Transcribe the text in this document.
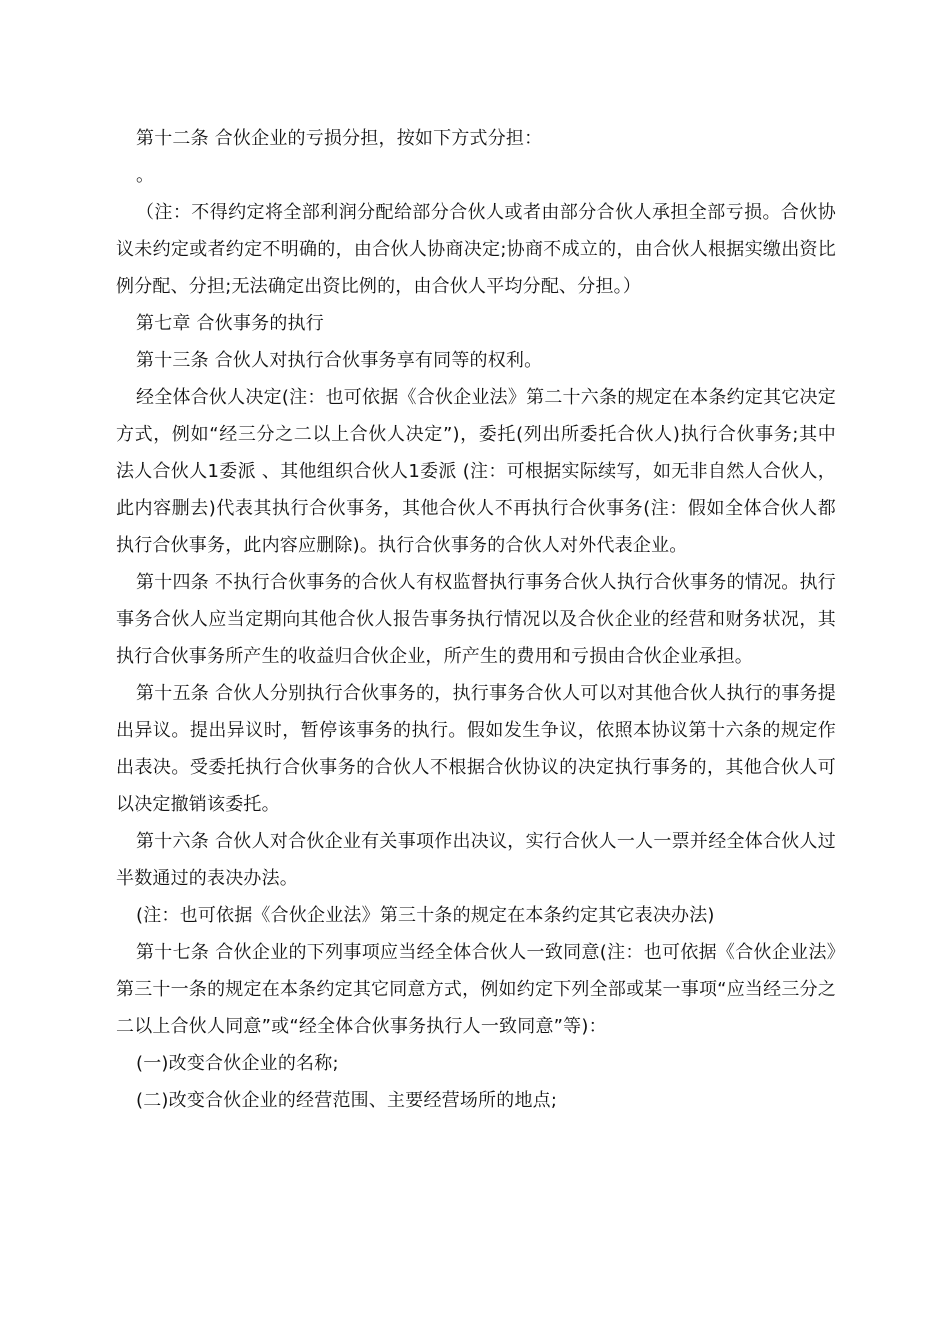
第十二条 合伙企业的亏损分担，按如下方式分担：

。

（注：不得约定将全部利润分配给部分合伙人或者由部分合伙人承担全部亏损。合伙协议未约定或者约定不明确的，由合伙人协商决定;协商不成立的，由合伙人根据实缴出资比例分配、分担;无法确定出资比例的，由合伙人平均分配、分担。）

第七章 合伙事务的执行

第十三条 合伙人对执行合伙事务享有同等的权利。

经全体合伙人决定(注：也可依据《合伙企业法》第二十六条的规定在本条约定其它决定方式，例如“经三分之二以上合伙人决定”)，委托(列出所委托合伙人)执行合伙事务;其中法人合伙人1委派 、其他组织合伙人1委派 (注：可根据实际续写，如无非自然人合伙人，此内容删去)代表其执行合伙事务，其他合伙人不再执行合伙事务(注：假如全体合伙人都执行合伙事务，此内容应删除)。执行合伙事务的合伙人对外代表企业。

第十四条 不执行合伙事务的合伙人有权监督执行事务合伙人执行合伙事务的情况。执行事务合伙人应当定期向其他合伙人报告事务执行情况以及合伙企业的经营和财务状况，其执行合伙事务所产生的收益归合伙企业，所产生的费用和亏损由合伙企业承担。

第十五条 合伙人分别执行合伙事务的，执行事务合伙人可以对其他合伙人执行的事务提出异议。提出异议时，暂停该事务的执行。假如发生争议，依照本协议第十六条的规定作出表决。受委托执行合伙事务的合伙人不根据合伙协议的决定执行事务的，其他合伙人可以决定撤销该委托。

第十六条 合伙人对合伙企业有关事项作出决议，实行合伙人一人一票并经全体合伙人过半数通过的表决办法。

(注：也可依据《合伙企业法》第三十条的规定在本条约定其它表决办法)

第十七条 合伙企业的下列事项应当经全体合伙人一致同意(注：也可依据《合伙企业法》第三十一条的规定在本条约定其它同意方式，例如约定下列全部或某一事项“应当经三分之二以上合伙人同意”或“经全体合伙事务执行人一致同意”等)：

(一)改变合伙企业的名称;

(二)改变合伙企业的经营范围、主要经营场所的地点;
